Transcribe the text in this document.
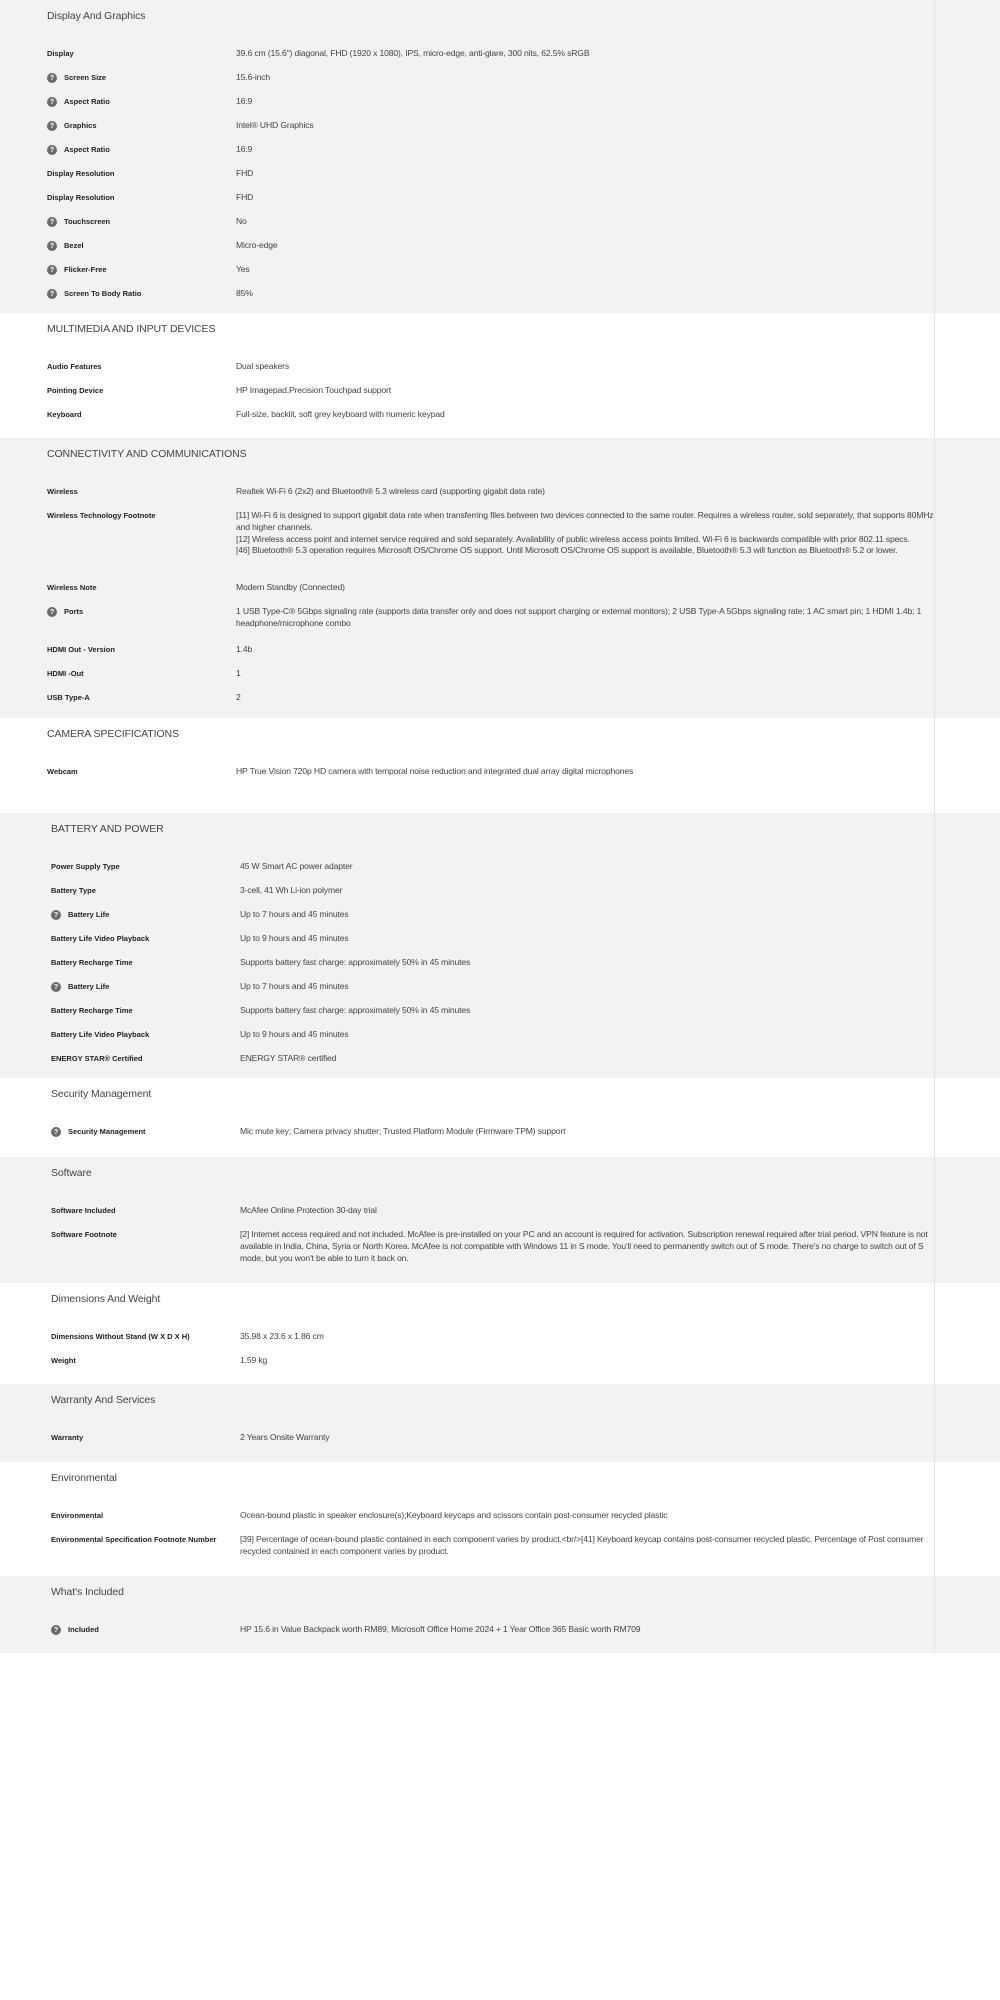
Display And Graphics
Display	39.6 cm (15.6") diagonal, FHD (1920 x 1080), IPS, micro-edge, anti-glare, 300 nits, 62.5% sRGB
?	Screen Size	15.6-inch
?	Aspect Ratio	16:9
?	Graphics	Intel® UHD Graphics
?	Aspect Ratio	16:9
Display Resolution	FHD
Display Resolution	FHD
?	Touchscreen	No
?	Bezel	Micro-edge
?	Flicker-Free	Yes
?	Screen To Body Ratio	85%
MULTIMEDIA AND INPUT DEVICES
Audio Features	Dual speakers
Pointing Device	HP Imagepad,Precision Touchpad support
Keyboard	Full-size, backlit, soft grey keyboard with numeric keypad
CONNECTIVITY AND COMMUNICATIONS
Wireless	Realtek Wi-Fi 6 (2x2) and Bluetooth® 5.3 wireless card (supporting gigabit data rate)
Wireless Technology Footnote	[11] Wi-Fi 6 is designed to support gigabit data rate when transferring files between two devices connected to the same router. Requires a wireless router, sold separately, that supports 80MHz and higher channels.
[12] Wireless access point and internet service required and sold separately. Availability of public wireless access points limited. Wi-Fi 6 is backwards compatible with prior 802.11 specs.
[46] Bluetooth® 5.3 operation requires Microsoft OS/Chrome OS support. Until Microsoft OS/Chrome OS support is available, Bluetooth® 5.3 will function as Bluetooth® 5.2 or lower.
Wireless Note	Modern Standby (Connected)
?	Ports	1 USB Type-C® 5Gbps signaling rate (supports data transfer only and does not support charging or external monitors); 2 USB Type-A 5Gbps signaling rate; 1 AC smart pin; 1 HDMI 1.4b; 1 headphone/microphone combo
HDMI Out - Version	1.4b
HDMI -Out	1
USB Type-A	2
CAMERA SPECIFICATIONS
Webcam	HP True Vision 720p HD camera with temporal noise reduction and integrated dual array digital microphones
BATTERY AND POWER
Power Supply Type	45 W Smart AC power adapter
Battery Type	3-cell, 41 Wh Li-ion polymer
?	Battery Life	Up to 7 hours and 45 minutes
Battery Life Video Playback	Up to 9 hours and 45 minutes
Battery Recharge Time	Supports battery fast charge: approximately 50% in 45 minutes
?	Battery Life	Up to 7 hours and 45 minutes
Battery Recharge Time	Supports battery fast charge: approximately 50% in 45 minutes
Battery Life Video Playback	Up to 9 hours and 45 minutes
ENERGY STAR® Certified	ENERGY STAR® certified
Security Management
?	Security Management	Mic mute key; Camera privacy shutter; Trusted Platform Module (Firmware TPM) support
Software
Software Included	McAfee Online Protection 30-day trial
Software Footnote	[2] Internet access required and not included. McAfee is pre-installed on your PC and an account is required for activation. Subscription renewal required after trial period. VPN feature is not available in India, China, Syria or North Korea. McAfee is not compatible with Windows 11 in S mode. You'll need to permanently switch out of S mode. There's no charge to switch out of S mode, but you won't be able to turn it back on.
Dimensions And Weight
Dimensions Without Stand (W X D X H)	35.98 x 23.6 x 1.86 cm
Weight	1.59 kg
Warranty And Services
Warranty	2 Years Onsite Warranty
Environmental
Environmental	Ocean-bound plastic in speaker enclosure(s);Keyboard keycaps and scissors contain post-consumer recycled plastic
Environmental Specification Footnote Number	[39] Percentage of ocean-bound plastic contained in each component varies by product.<br/>[41] Keyboard keycap contains post-consumer recycled plastic. Percentage of Post consumer recycled contained in each component varies by product.
What's Included
?	Included	HP 15.6 in Value Backpack worth RM89, Microsoft Office Home 2024 + 1 Year Office 365 Basic worth RM709
